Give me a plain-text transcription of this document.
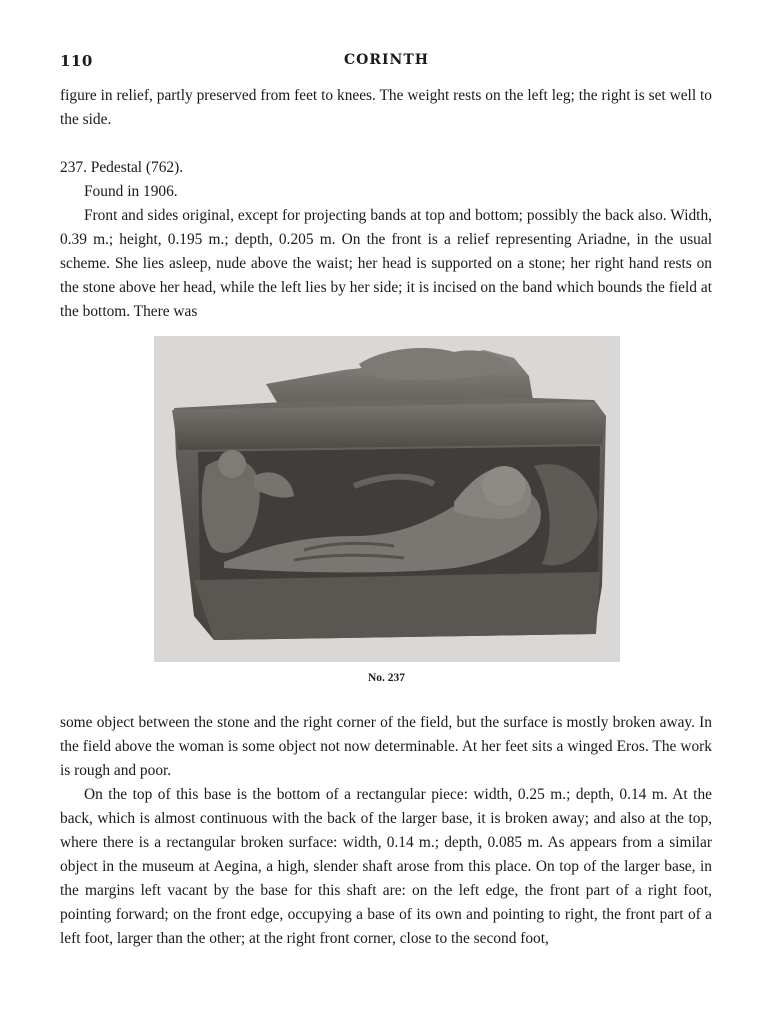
110	CORINTH

figure in relief, partly preserved from feet to knees. The weight rests on the left leg; the right is set well to the side.

237. Pedestal (762).

Found in 1906.

Front and sides original, except for projecting bands at top and bottom; possibly the back also. Width, 0.39 m.; height, 0.195 m.; depth, 0.205 m. On the front is a relief representing Ariadne, in the usual scheme. She lies asleep, nude above the waist; her head is supported on a stone; her right hand rests on the stone above her head, while the left lies by her side; it is incised on the band which bounds the field at the bottom. There was

No. 237

some object between the stone and the right corner of the field, but the surface is mostly broken away. In the field above the woman is some object not now determinable. At her feet sits a winged Eros. The work is rough and poor.

On the top of this base is the bottom of a rectangular piece: width, 0.25 m.; depth, 0.14 m. At the back, which is almost continuous with the back of the larger base, it is broken away; and also at the top, where there is a rectangular broken surface: width, 0.14 m.; depth, 0.085 m. As appears from a similar object in the museum at Aegina, a high, slender shaft arose from this place. On top of the larger base, in the margins left vacant by the base for this shaft are: on the left edge, the front part of a right foot, pointing forward; on the front edge, occupying a base of its own and pointing to right, the front part of a left foot, larger than the other; at the right front corner, close to the second foot,
